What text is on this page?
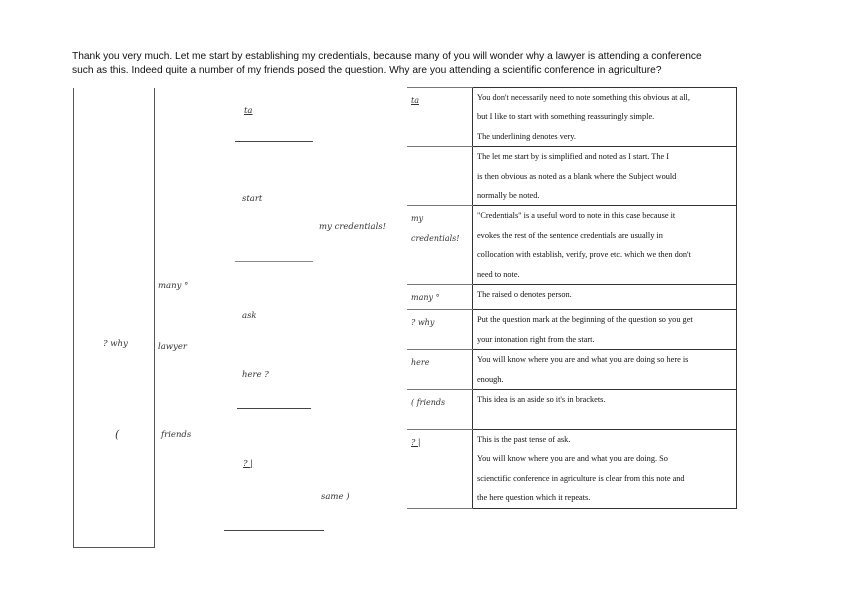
Thank you very much. Let me start by establishing my credentials, because many of you will wonder why a lawyer is attending a conference

such as this. Indeed quite a number of my friends posed the question. Why are you attending a scientific conference in agriculture?

ta
start
my credentials!
many °
ask
? why	lawyer
here ?
(	friends
? |
same )
ta	You don't necessarily need to note something this obvious at all,
but I like to start with something reassuringly simple.
The underlining denotes very.

	The let me start by is simplified and noted as I start. The I
is then obvious as noted as a blank where the Subject would
normally be noted.

my credentials!	"Credentials" is a useful word to note in this case because it
evokes the rest of the sentence credentials are usually in
collocation with establish, verify, prove etc. which we then don't
need to note.

many °	The raised o denotes person.

? why	Put the question mark at the beginning of the question so you get
your intonation right from the start.

here	You will know where you are and what you are doing so here is
enough.

( friends	This idea is an aside so it's in brackets.

? |	This is the past tense of ask.
You will know where you are and what you are doing. So
scienctific conference in agriculture is clear from this note and
the here question which it repeats.
